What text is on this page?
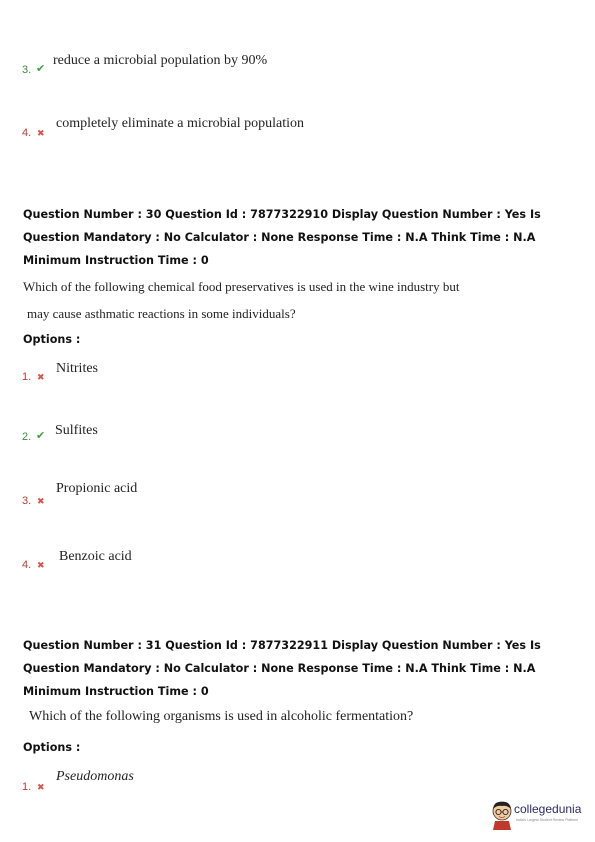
3. ✔
reduce a microbial population by 90%
4. ✖
completely eliminate a microbial population
Question Number : 30 Question Id : 7877322910 Display Question Number : Yes Is Question Mandatory : No Calculator : None Response Time : N.A Think Time : N.A Minimum Instruction Time : 0
Which of the following chemical food preservatives is used in the wine industry but
may cause asthmatic reactions in some individuals?
Options :
1. ✖
Nitrites
2. ✔ Sulfites
3. ✖
Propionic acid
4. ✖
Benzoic acid
Question Number : 31 Question Id : 7877322911 Display Question Number : Yes Is Question Mandatory : No Calculator : None Response Time : N.A Think Time : N.A Minimum Instruction Time : 0
Which of the following organisms is used in alcoholic fermentation?
Options :
1. ✖
Pseudomonas
collegedunia
India's Largest Student Review Platform
